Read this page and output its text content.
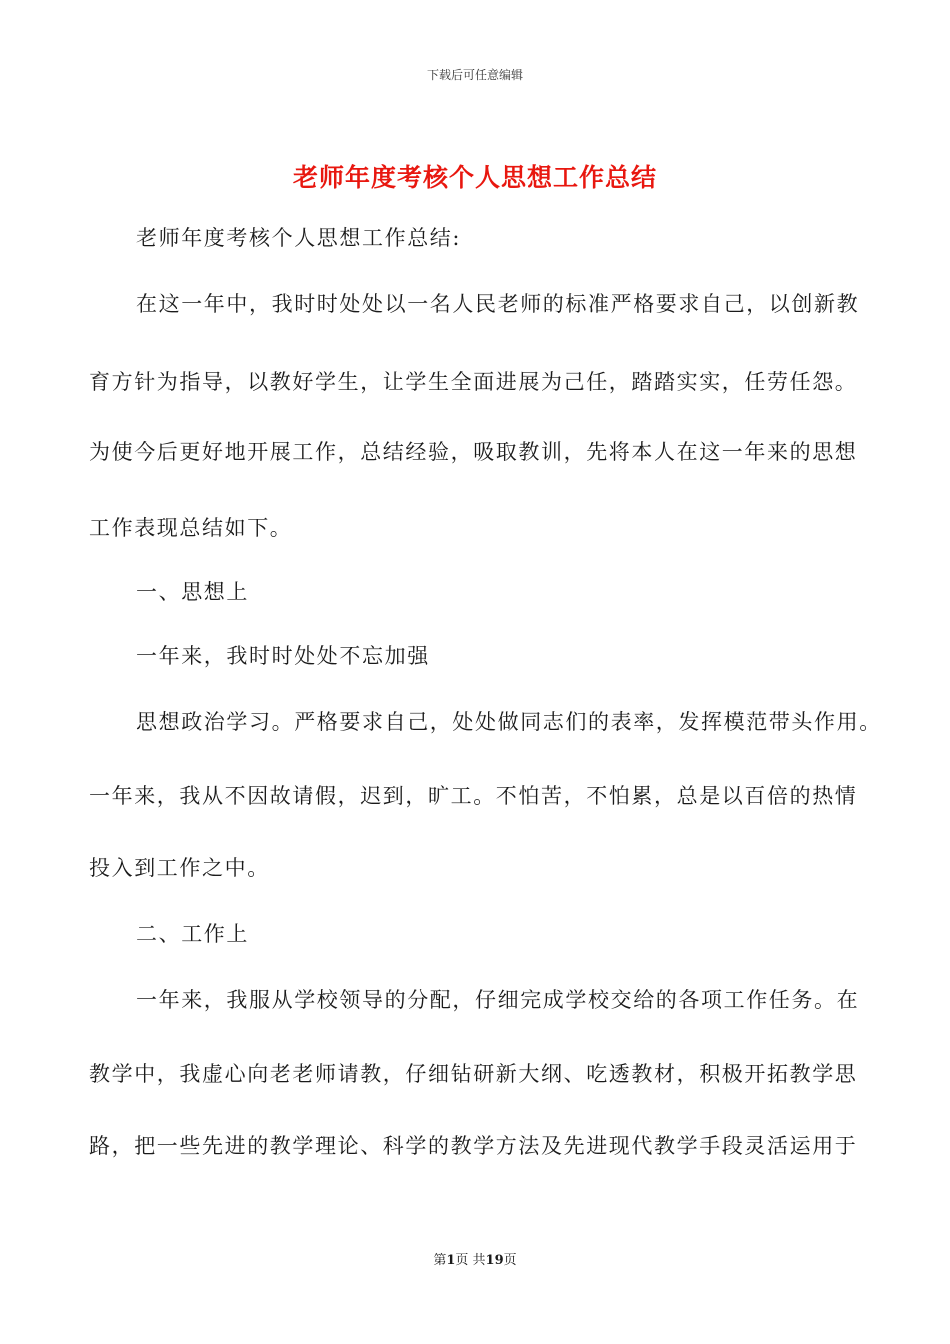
下载后可任意编辑
老师年度考核个人思想工作总结
老师年度考核个人思想工作总结:
在这一年中，我时时处处以一名人民老师的标准严格要求自己，以创新教
育方针为指导，以教好学生，让学生全面进展为己任，踏踏实实，任劳任怨。
为使今后更好地开展工作，总结经验，吸取教训，先将本人在这一年来的思想
工作表现总结如下。
一、思想上
一年来，我时时处处不忘加强
思想政治学习。严格要求自己，处处做同志们的表率，发挥模范带头作用。
一年来，我从不因故请假，迟到，旷工。不怕苦，不怕累，总是以百倍的热情
投入到工作之中。
二、工作上
一年来，我服从学校领导的分配，仔细完成学校交给的各项工作任务。在
教学中，我虚心向老老师请教，仔细钻研新大纲、吃透教材，积极开拓教学思
路，把一些先进的教学理论、科学的教学方法及先进现代教学手段灵活运用于
第1页 共19页
